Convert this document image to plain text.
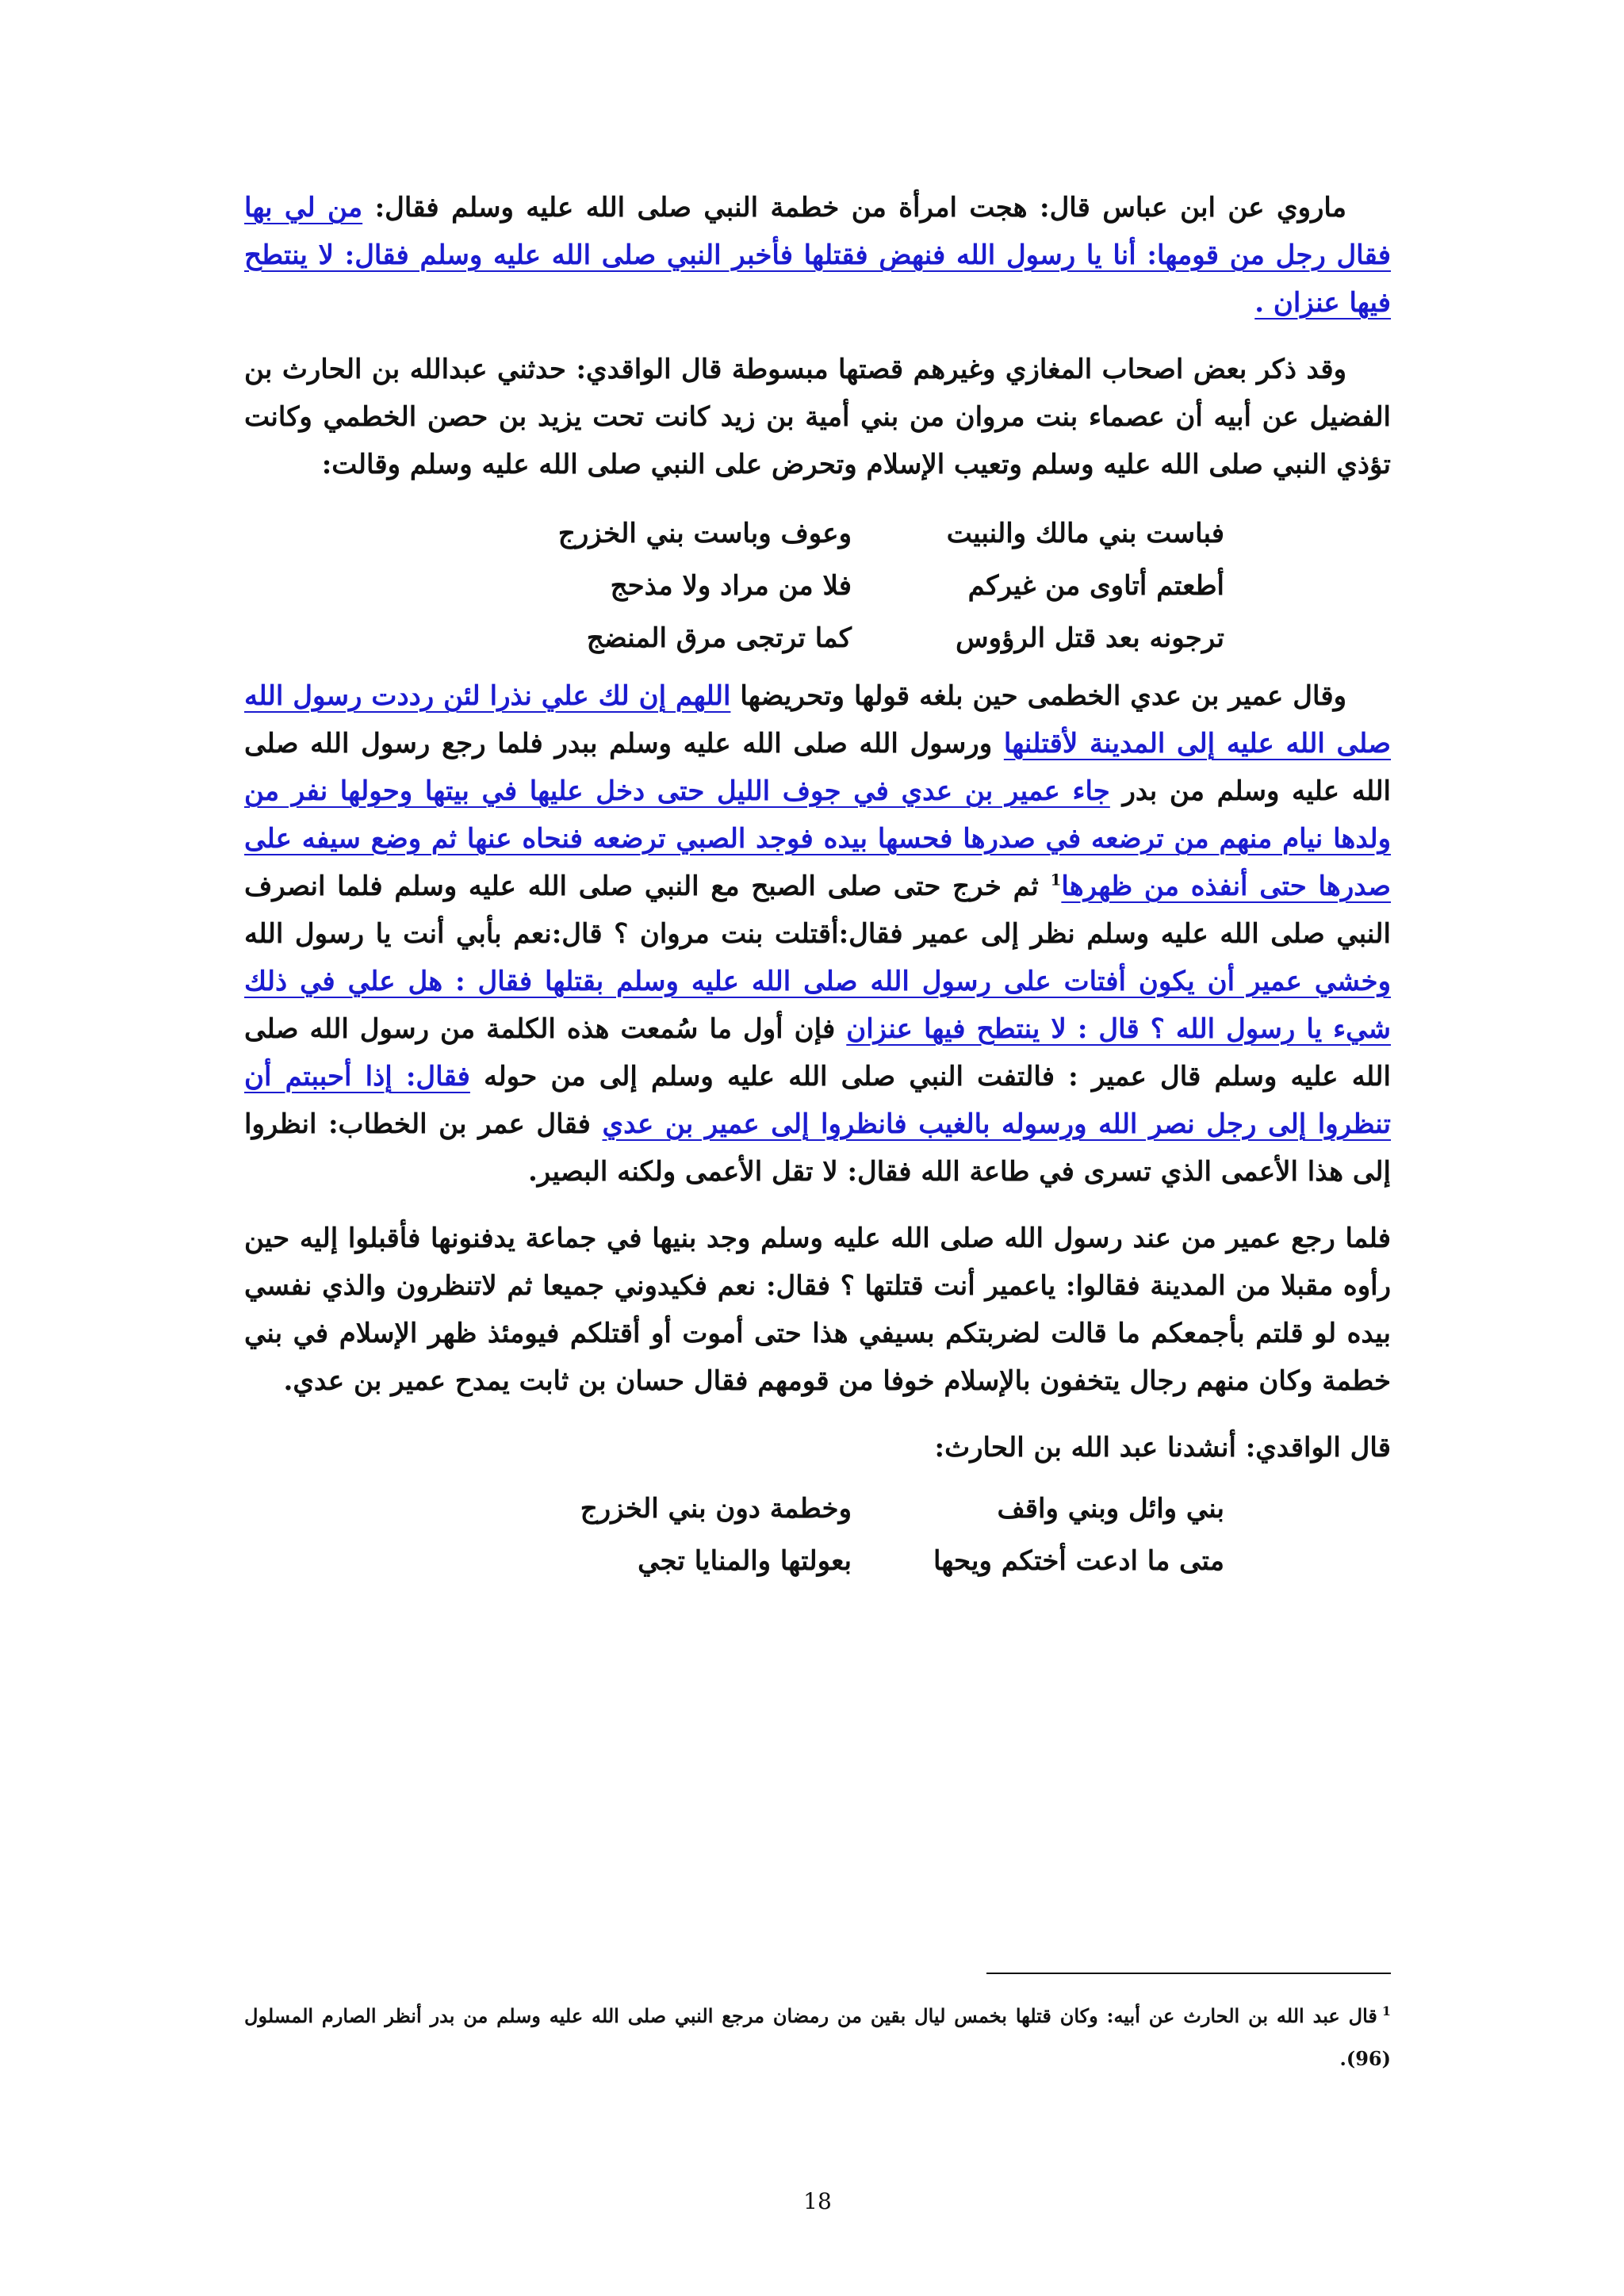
ماروي عن ابن عباس قال: هجت امرأة من خطمة النبي صلى الله عليه وسلم فقال: من لي بها فقال رجل من قومها: أنا يا رسول الله فنهض فقتلها فأخبر النبي صلى الله عليه وسلم فقال: لا ينتطح فيها عنزان .

وقد ذكر بعض اصحاب المغازي وغيرهم قصتها مبسوطة قال الواقدي: حدثني عبدالله بن الحارث بن الفضيل عن أبيه أن عصماء بنت مروان من بني أمية بن زيد كانت تحت يزيد بن حصن الخطمي وكانت تؤذي النبي صلى الله عليه وسلم وتعيب الإسلام وتحرض على النبي صلى الله عليه وسلم وقالت:

فباست بني مالك والنبيت
وعوف وباست بني الخزرج
أطعتم أتاوى من غيركم
فلا من مراد ولا مذحج
ترجونه بعد قتل الرؤوس
كما ترتجى مرق المنضج

وقال عمير بن عدي الخطمى حين بلغه قولها وتحريضها اللهم إن لك علي نذرا لئن رددت رسول الله صلى الله عليه إلى المدينة لأقتلنها ورسول الله صلى الله عليه وسلم ببدر فلما رجع رسول الله صلى الله عليه وسلم من بدر جاء عمير بن عدي في جوف الليل حتى دخل عليها في بيتها وحولها نفر من ولدها نيام منهم من ترضعه في صدرها فحسها بيده فوجد الصبي ترضعه فنحاه عنها ثم وضع سيفه على صدرها حتى أنفذه من ظهرها$^1$ ثم خرج حتى صلى الصبح مع النبي صلى الله عليه وسلم فلما انصرف النبي صلى الله عليه وسلم نظر إلى عمير فقال:أقتلت بنت مروان ؟ قال:نعم بأبي أنت يا رسول الله وخشي عمير أن يكون أفتات على رسول الله صلى الله عليه وسلم بقتلها فقال : هل علي في ذلك شيء يا رسول الله ؟ قال : لا ينتطح فيها عنزان فإن أول ما سُمعت هذه الكلمة من رسول الله صلى الله عليه وسلم قال عمير : فالتفت النبي صلى الله عليه وسلم إلى من حوله فقال: إذا أحببتم أن تنظروا إلى رجل نصر الله ورسوله بالغيب فانظروا إلى عمير بن عدي فقال عمر بن الخطاب: انظروا إلى هذا الأعمى الذي تسرى في طاعة الله فقال: لا تقل الأعمى ولكنه البصير.

فلما رجع عمير من عند رسول الله صلى الله عليه وسلم وجد بنيها في جماعة يدفنونها فأقبلوا إليه حين رأوه مقبلا من المدينة فقالوا: ياعمير أنت قتلتها ؟ فقال: نعم فكيدوني جميعا ثم لاتنظرون والذي نفسي بيده لو قلتم بأجمعكم ما قالت لضربتكم بسيفي هذا حتى أموت أو أقتلكم فيومئذ ظهر الإسلام في بني خطمة وكان منهم رجال يتخفون بالإسلام خوفا من قومهم فقال حسان بن ثابت يمدح عمير بن عدي.

قال الواقدي: أنشدنا عبد الله بن الحارث:

بني وائل وبني واقف
وخطمة دون بني الخزرج
متى ما ادعت أختكم ويحها
بعولتها والمنايا تجي
$^1$قال عبد الله بن الحارث عن أبيه: وكان قتلها بخمس ليال بقين من رمضان مرجع النبي صلى الله عليه وسلم من بدر أنظر الصارم المسلول (96).
18
